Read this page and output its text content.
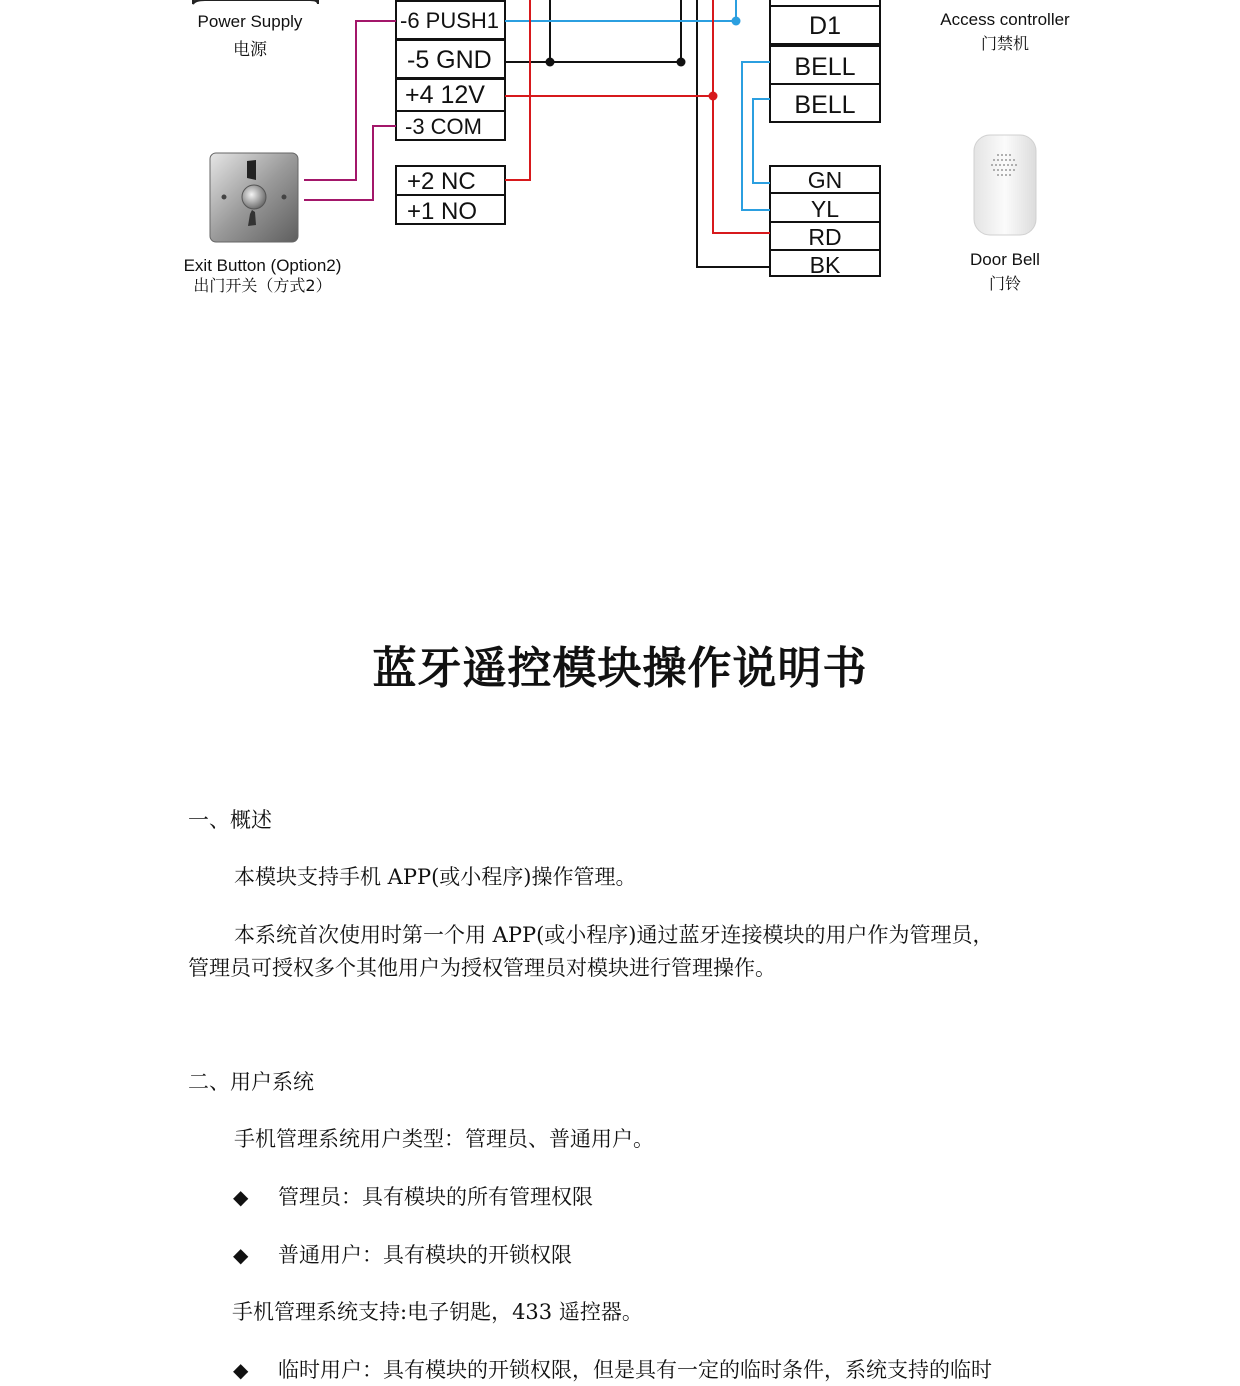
-6 PUSH1
-5 GND
+4 12V
-3 COM
+2 NC
+1 NO
D1
BELL
BELL
GN
YL
RD
BK
Power Supply
电源
Exit Button (Option2)
出门开关（方式2）
Access controller
门禁机
Door Bell
门铃
蓝牙遥控模块操作说明书
一、概述
本模块支持手机 APP(或小程序)操作管理。
本系统首次使用时第一个用 APP(或小程序)通过蓝牙连接模块的用户作为管理员，
管理员可授权多个其他用户为授权管理员对模块进行管理操作。
二、用户系统
手机管理系统用户类型：管理员、普通用户。
◆ 管理员：具有模块的所有管理权限
◆ 普通用户：具有模块的开锁权限
手机管理系统支持:电子钥匙，433 遥控器。
◆ 临时用户：具有模块的开锁权限，但是具有一定的临时条件，系统支持的临时
